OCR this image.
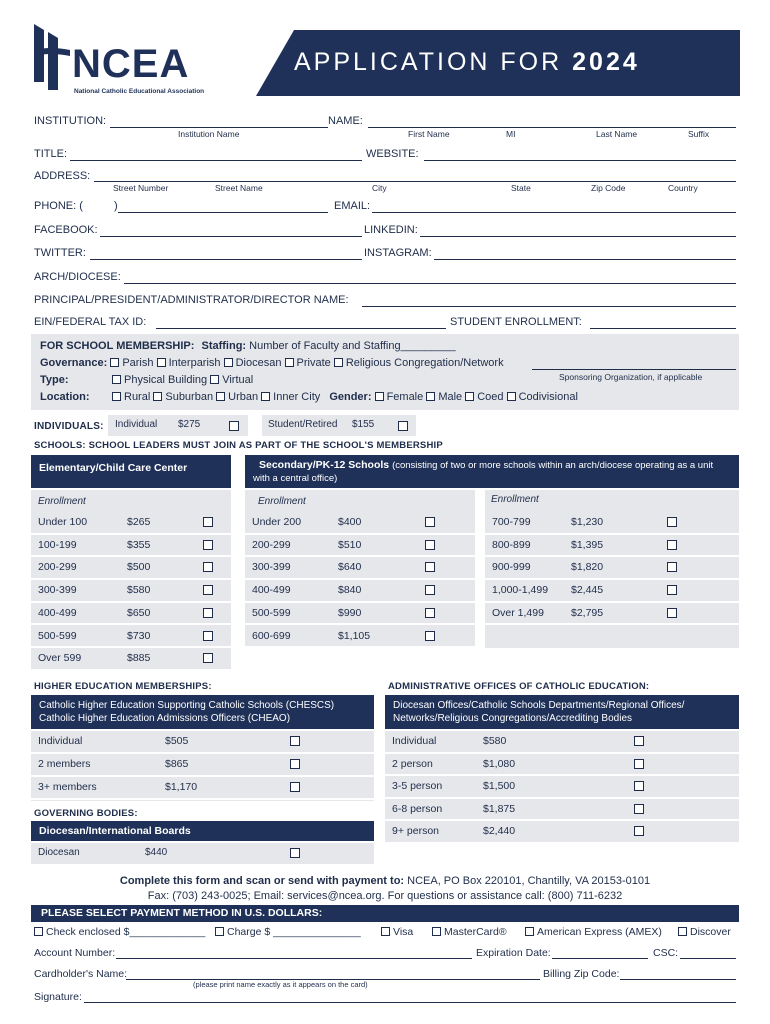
NCEA
National Catholic Educational Association
APPLICATION FOR 2024
INSTITUTION:
Institution Name
NAME:
First Name	MI	Last Name	Suffix
TITLE:	WEBSITE:
ADDRESS:
Street Number	Street Name	City	State	Zip Code	Country
PHONE: (	)	EMAIL:
FACEBOOK:	LINKEDIN:
TWITTER:	INSTAGRAM:
ARCH/DIOCESE:
PRINCIPAL/PRESIDENT/ADMINISTRATOR/DIRECTOR NAME:
EIN/FEDERAL TAX ID:	STUDENT ENROLLMENT:
FOR SCHOOL MEMBERSHIP: Staffing: Number of Faculty and Staffing_________
Governance: Parish Interparish Diocesan Private Religious Congregation/Network
Sponsoring Organization, if applicable
Type:	Physical Building Virtual
Location:	Rural Suburban Urban Inner City Gender: Female Male Coed Codivisional
INDIVIDUALS: Individual $275	Student/Retired $155
SCHOOLS: SCHOOL LEADERS MUST JOIN AS PART OF THE SCHOOL'S MEMBERSHIP
Elementary/Child Care Center	Secondary/PK-12 Schools (consisting of two or more schools within an arch/diocese operating as a unit with a central office)
Enrollment	Enrollment	Enrollment
Under 100	$265
100-199	$355
200-299	$500
300-399	$580
400-499	$650
500-599	$730
Over 599	$885
Under 200	$400
200-299	$510
300-399	$640
400-499	$840
500-599	$990
600-699	$1,105
700-799	$1,230
800-899	$1,395
900-999	$1,820
1,000-1,499 $2,445
Over 1,499	$2,795
HIGHER EDUCATION MEMBERSHIPS:
Catholic Higher Education Supporting Catholic Schools (CHESCS)
Catholic Higher Education Admissions Officers (CHEAO)
Individual	$505
2 members	$865
3+ members	$1,170
ADMINISTRATIVE OFFICES OF CATHOLIC EDUCATION:
Diocesan Offices/Catholic Schools Departments/Regional Offices/
Networks/Religious Congregations/Accrediting Bodies
Individual	$580
2 person	$1,080
3-5 person	$1,500
6-8 person	$1,875
9+ person	$2,440
GOVERNING BODIES:
Diocesan/International Boards
Diocesan	$440
Complete this form and scan or send with payment to: NCEA, PO Box 220101, Chantilly, VA 20153-0101
Fax: (703) 243-0025; Email: services@ncea.org. For questions or assistance call: (800) 711-6232
PLEASE SELECT PAYMENT METHOD IN U.S. DOLLARS:
Check enclosed $_____________	Charge $ _______________	Visa	MasterCard®	American Express (AMEX)	Discover
Account Number:	Expiration Date:	CSC:
Cardholder's Name:
(please print name exactly as it appears on the card)
Billing Zip Code:
Signature:
